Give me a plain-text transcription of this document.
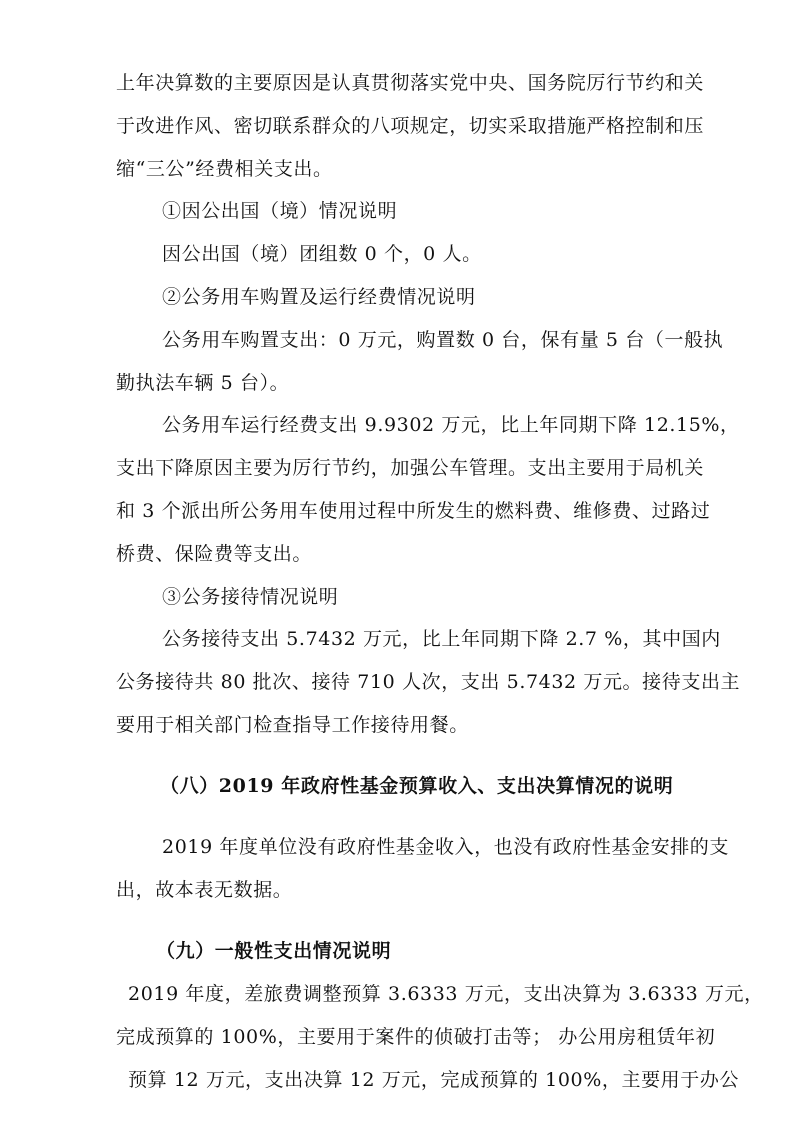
上年决算数的主要原因是认真贯彻落实党中央、国务院厉行节约和关
于改进作风、密切联系群众的八项规定，切实采取措施严格控制和压
缩“三公”经费相关支出。
①因公出国（境）情况说明
因公出国（境）团组数 0 个，0 人。
②公务用车购置及运行经费情况说明
公务用车购置支出：0 万元，购置数 0 台，保有量 5 台（一般执
勤执法车辆 5 台）。
公务用车运行经费支出 9.9302 万元，比上年同期下降 12.15%，
支出下降原因主要为厉行节约，加强公车管理。支出主要用于局机关
和 3 个派出所公务用车使用过程中所发生的燃料费、维修费、过路过
桥费、保险费等支出。
③公务接待情况说明
公务接待支出 5.7432 万元，比上年同期下降 2.7 %，其中国内
公务接待共 80 批次、接待 710 人次，支出 5.7432 万元。接待支出主
要用于相关部门检查指导工作接待用餐。
（八）2019 年政府性基金预算收入、支出决算情况的说明
2019 年度单位没有政府性基金收入，也没有政府性基金安排的支
出，故本表无数据。
（九）一般性支出情况说明
2019 年度，差旅费调整预算 3.6333 万元，支出决算为 3.6333 万元，
完成预算的 100%，主要用于案件的侦破打击等； 办公用房租赁年初
预算 12 万元，支出决算 12 万元，完成预算的 100%，主要用于办公
